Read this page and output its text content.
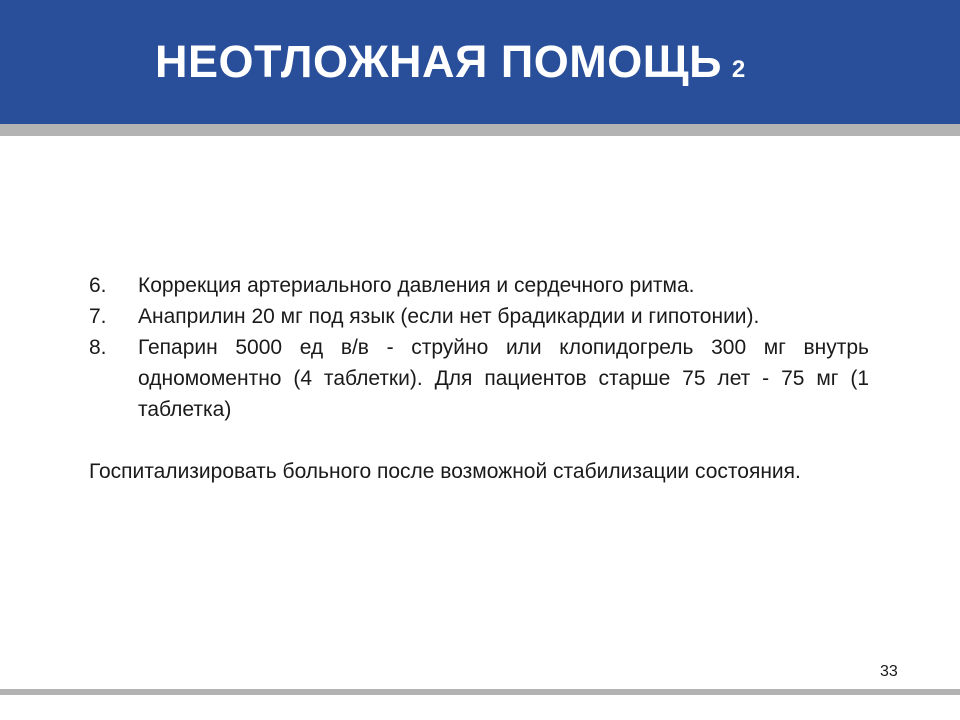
НЕОТЛОЖНАЯ ПОМОЩЬ 2
6.	Коррекция артериального давления и сердечного ритма.
7.	Анаприлин 20 мг под язык (если нет брадикардии и гипотонии).
8.	Гепарин 5000 ед в/в - струйно или клопидогрель 300 мг внутрь одномоментно (4 таблетки). Для пациентов старше 75 лет - 75 мг (1 таблетка)
Госпитализировать больного после возможной стабилизации состояния.
33
